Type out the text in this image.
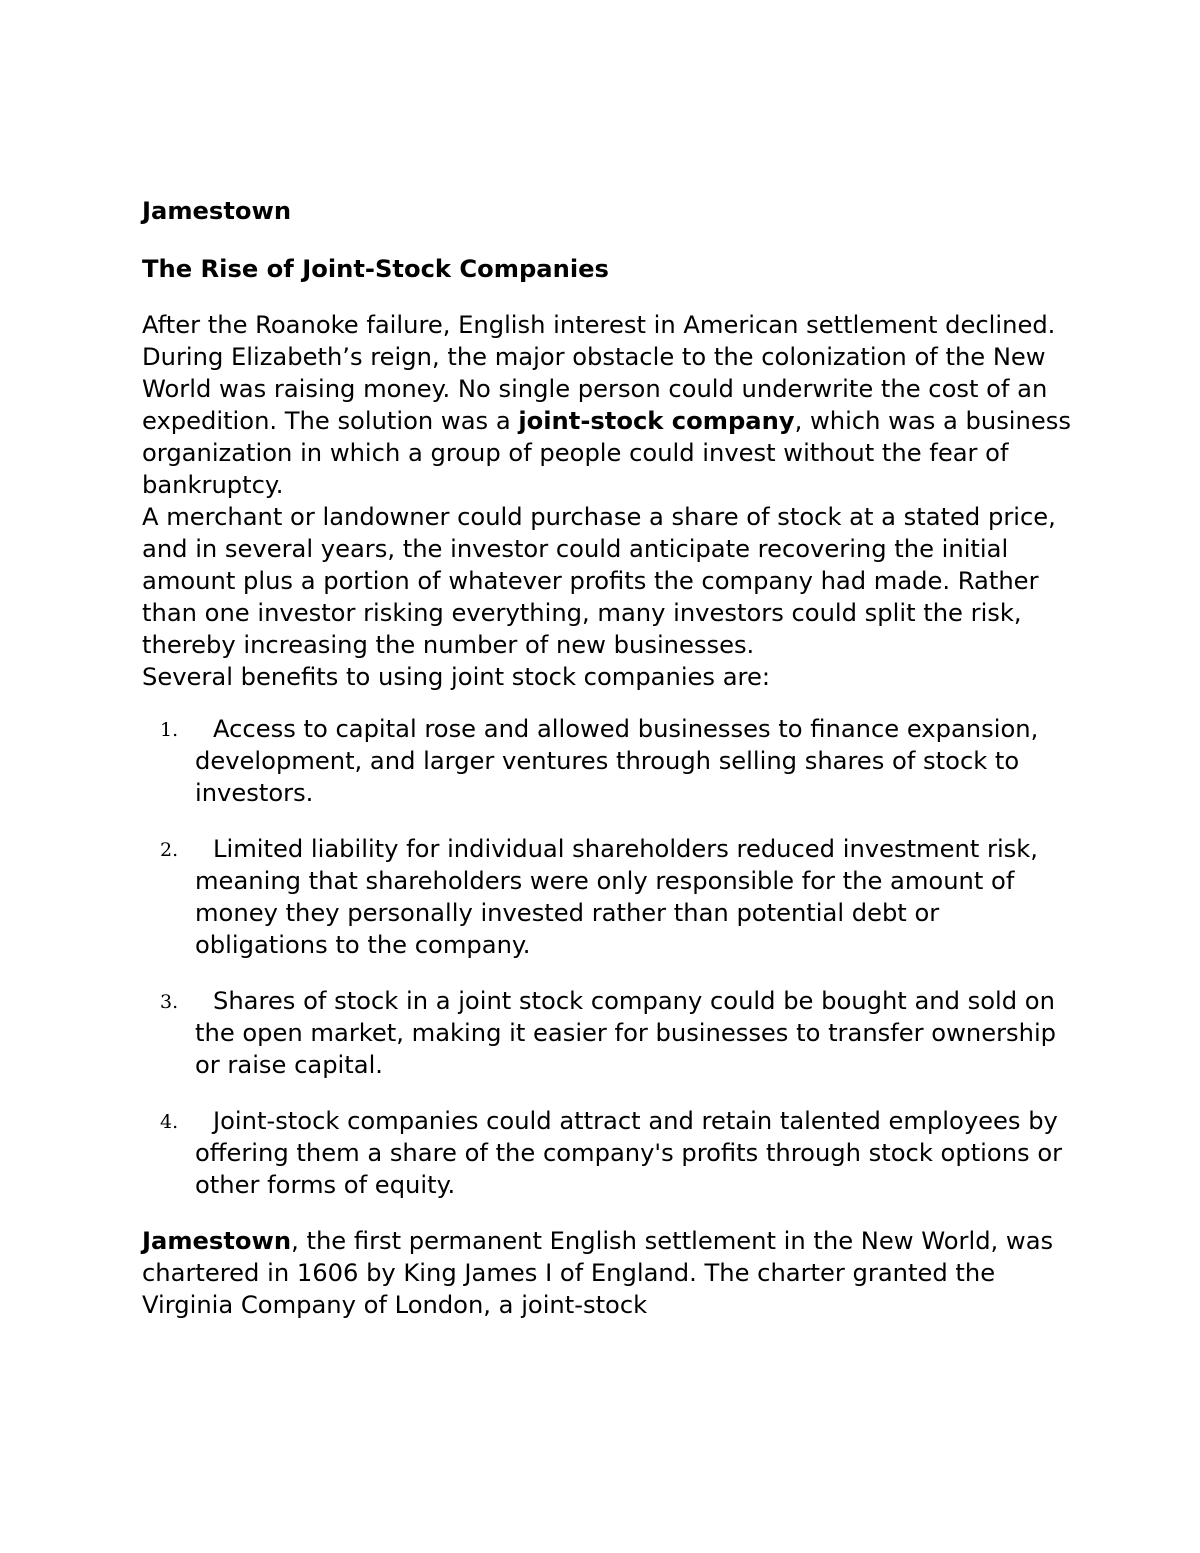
Jamestown
The Rise of Joint-Stock Companies

After the Roanoke failure, English interest in American settlement declined. During Elizabeth’s reign, the major obstacle to the colonization of the New World was raising money. No single person could underwrite the cost of an expedition. The solution was a joint-stock company, which was a business organization in which a group of people could invest without the fear of bankruptcy.

A merchant or landowner could purchase a share of stock at a stated price, and in several years, the investor could anticipate recovering the initial amount plus a portion of whatever profits the company had made. Rather than one investor risking everything, many investors could split the risk, thereby increasing the number of new businesses.

Several benefits to using joint stock companies are:

1.	Access to capital rose and allowed businesses to finance expansion, development, and larger ventures through selling shares of stock to investors.
2.	Limited liability for individual shareholders reduced investment risk, meaning that shareholders were only responsible for the amount of money they personally invested rather than potential debt or obligations to the company.
3.	Shares of stock in a joint stock company could be bought and sold on the open market, making it easier for businesses to transfer ownership or raise capital.
4.	Joint-stock companies could attract and retain talented employees by offering them a share of the company's profits through stock options or other forms of equity.

Jamestown, the first permanent English settlement in the New World, was chartered in 1606 by King James I of England. The charter granted the Virginia Company of London, a joint-stock
